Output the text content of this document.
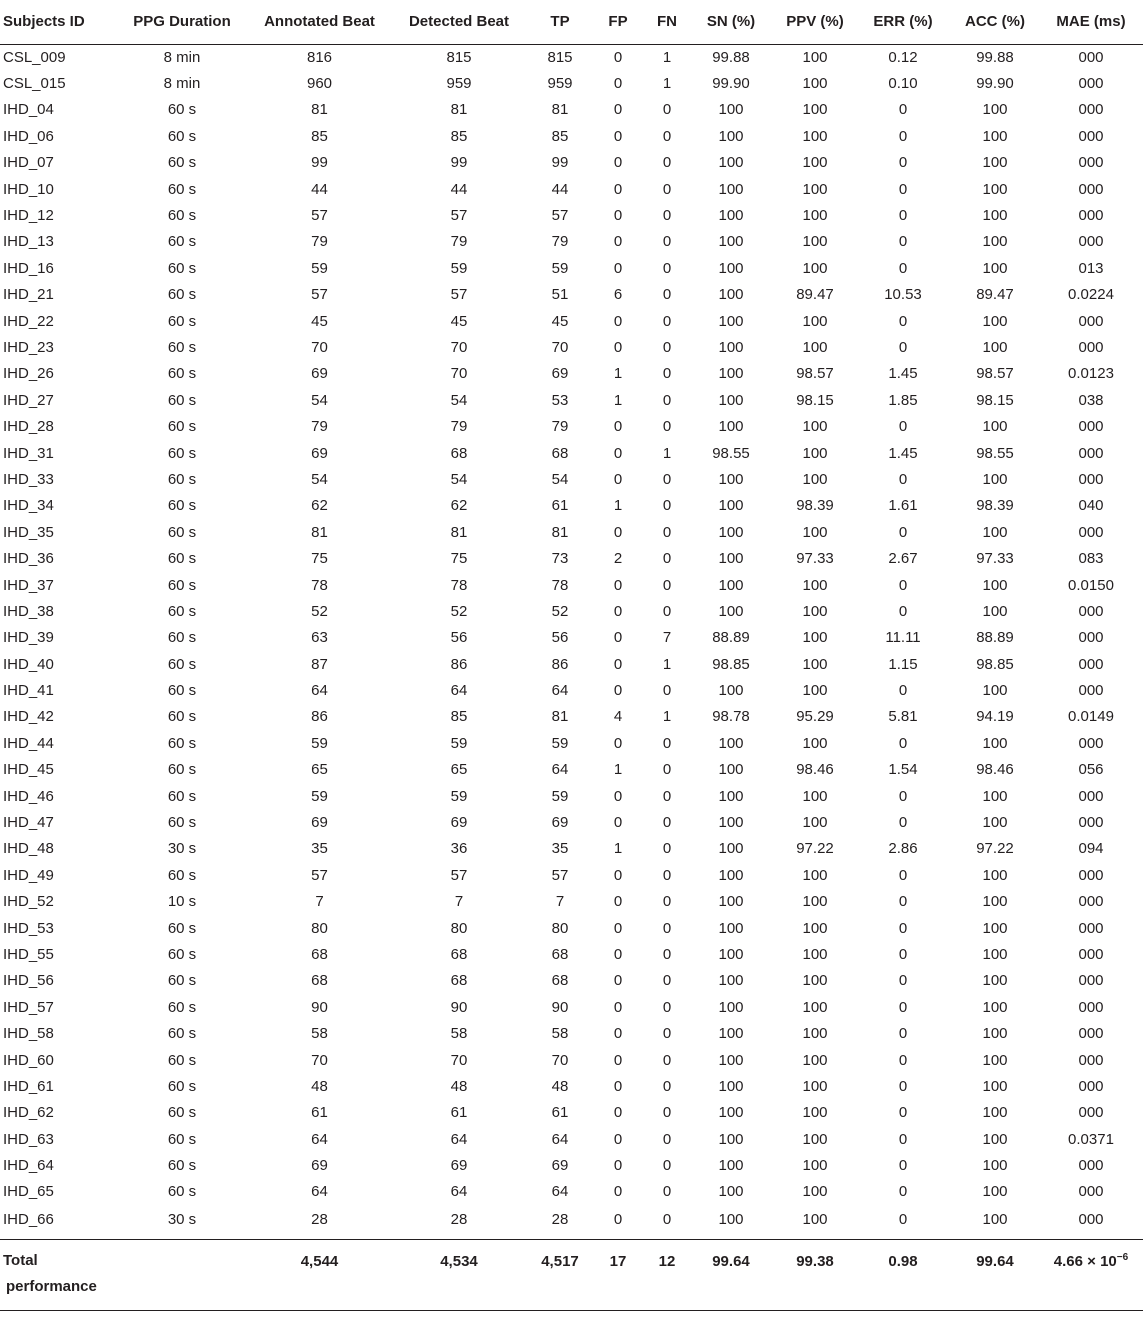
Subjects ID	PPG Duration	Annotated Beat	Detected Beat	TP	FP	FN	SN (%)	PPV (%)	ERR (%)	ACC (%)	MAE (ms)
CSL_009	8 min	816	815	815	0	1	99.88	100	0.12	99.88	000
CSL_015	8 min	960	959	959	0	1	99.90	100	0.10	99.90	000
IHD_04	60 s	81	81	81	0	0	100	100	0	100	000
IHD_06	60 s	85	85	85	0	0	100	100	0	100	000
IHD_07	60 s	99	99	99	0	0	100	100	0	100	000
IHD_10	60 s	44	44	44	0	0	100	100	0	100	000
IHD_12	60 s	57	57	57	0	0	100	100	0	100	000
IHD_13	60 s	79	79	79	0	0	100	100	0	100	000
IHD_16	60 s	59	59	59	0	0	100	100	0	100	013
IHD_21	60 s	57	57	51	6	0	100	89.47	10.53	89.47	0.0224
IHD_22	60 s	45	45	45	0	0	100	100	0	100	000
IHD_23	60 s	70	70	70	0	0	100	100	0	100	000
IHD_26	60 s	69	70	69	1	0	100	98.57	1.45	98.57	0.0123
IHD_27	60 s	54	54	53	1	0	100	98.15	1.85	98.15	038
IHD_28	60 s	79	79	79	0	0	100	100	0	100	000
IHD_31	60 s	69	68	68	0	1	98.55	100	1.45	98.55	000
IHD_33	60 s	54	54	54	0	0	100	100	0	100	000
IHD_34	60 s	62	62	61	1	0	100	98.39	1.61	98.39	040
IHD_35	60 s	81	81	81	0	0	100	100	0	100	000
IHD_36	60 s	75	75	73	2	0	100	97.33	2.67	97.33	083
IHD_37	60 s	78	78	78	0	0	100	100	0	100	0.0150
IHD_38	60 s	52	52	52	0	0	100	100	0	100	000
IHD_39	60 s	63	56	56	0	7	88.89	100	11.11	88.89	000
IHD_40	60 s	87	86	86	0	1	98.85	100	1.15	98.85	000
IHD_41	60 s	64	64	64	0	0	100	100	0	100	000
IHD_42	60 s	86	85	81	4	1	98.78	95.29	5.81	94.19	0.0149
IHD_44	60 s	59	59	59	0	0	100	100	0	100	000
IHD_45	60 s	65	65	64	1	0	100	98.46	1.54	98.46	056
IHD_46	60 s	59	59	59	0	0	100	100	0	100	000
IHD_47	60 s	69	69	69	0	0	100	100	0	100	000
IHD_48	30 s	35	36	35	1	0	100	97.22	2.86	97.22	094
IHD_49	60 s	57	57	57	0	0	100	100	0	100	000
IHD_52	10 s	7	7	7	0	0	100	100	0	100	000
IHD_53	60 s	80	80	80	0	0	100	100	0	100	000
IHD_55	60 s	68	68	68	0	0	100	100	0	100	000
IHD_56	60 s	68	68	68	0	0	100	100	0	100	000
IHD_57	60 s	90	90	90	0	0	100	100	0	100	000
IHD_58	60 s	58	58	58	0	0	100	100	0	100	000
IHD_60	60 s	70	70	70	0	0	100	100	0	100	000
IHD_61	60 s	48	48	48	0	0	100	100	0	100	000
IHD_62	60 s	61	61	61	0	0	100	100	0	100	000
IHD_63	60 s	64	64	64	0	0	100	100	0	100	0.0371
IHD_64	60 s	69	69	69	0	0	100	100	0	100	000
IHD_65	60 s	64	64	64	0	0	100	100	0	100	000
IHD_66	30 s	28	28	28	0	0	100	100	0	100	000
Total
performance		4,544	4,534	4,517	17	12	99.64	99.38	0.98	99.64	$4.66 \times 10^{-6}$
